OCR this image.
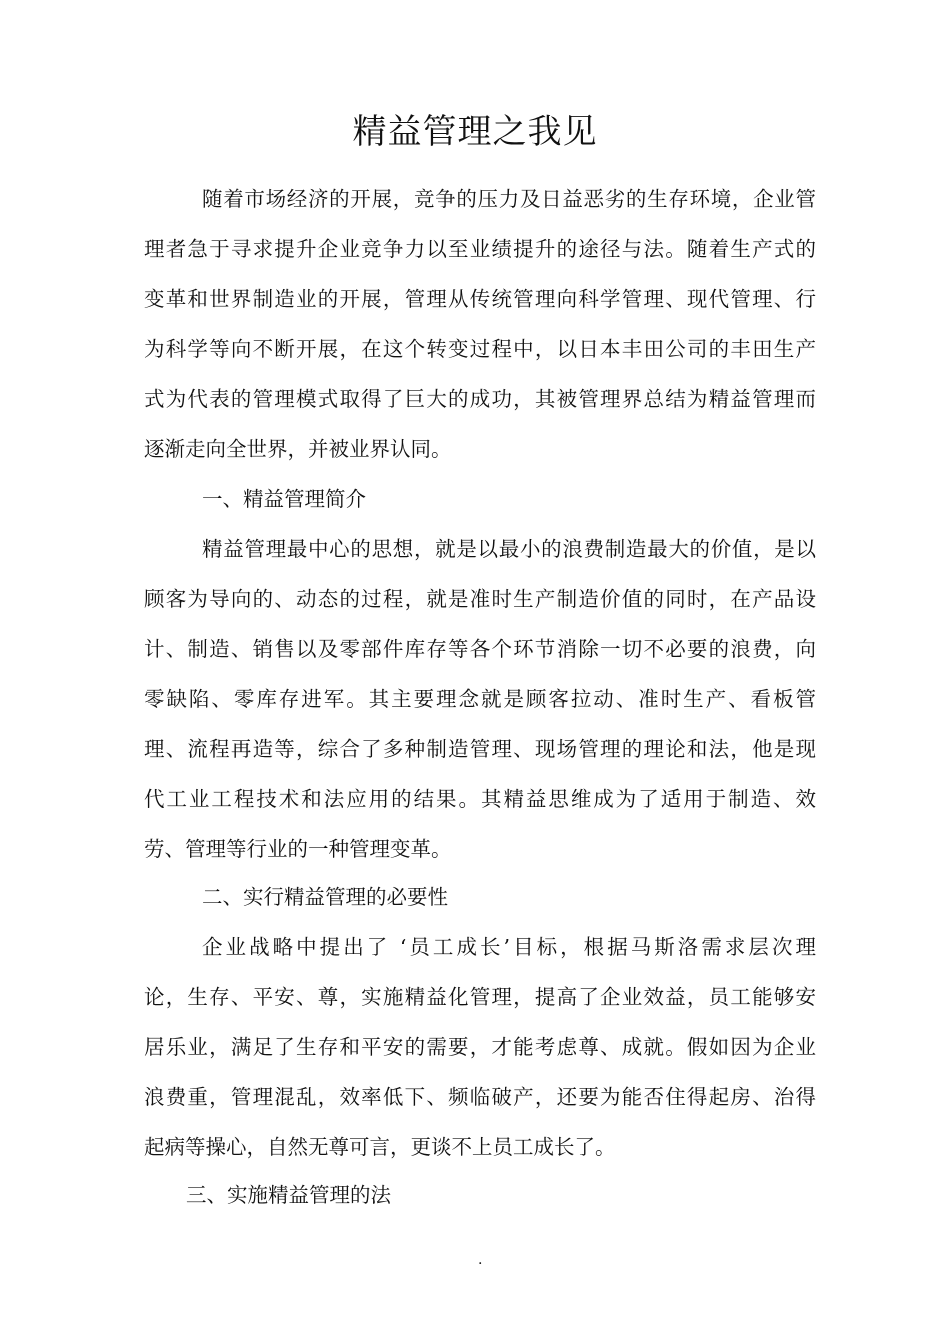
精益管理之我见
随着市场经济的开展，竞争的压力及日益恶劣的生存环境，企业管
理者急于寻求提升企业竞争力以至业绩提升的途径与法。随着生产式的
变革和世界制造业的开展，管理从传统管理向科学管理、现代管理、行
为科学等向不断开展，在这个转变过程中，以日本丰田公司的丰田生产
式为代表的管理模式取得了巨大的成功，其被管理界总结为精益管理而
逐渐走向全世界，并被业界认同。
一、精益管理简介
精益管理最中心的思想，就是以最小的浪费制造最大的价值，是以
顾客为导向的、动态的过程，就是准时生产制造价值的同时，在产品设
计、制造、销售以及零部件库存等各个环节消除一切不必要的浪费，向
零缺陷、零库存进军。其主要理念就是顾客拉动、准时生产、看板管
理、流程再造等，综合了多种制造管理、现场管理的理论和法，他是现
代工业工程技术和法应用的结果。其精益思维成为了适用于制造、效
劳、管理等行业的一种管理变革。
二、实行精益管理的必要性
企业战略中提出了 ‘员工成长’目标，根据马斯洛需求层次理
论，生存、平安、尊，实施精益化管理，提高了企业效益，员工能够安
居乐业，满足了生存和平安的需要，才能考虑尊、成就。假如因为企业
浪费重，管理混乱，效率低下、频临破产，还要为能否住得起房、治得
起病等操心，自然无尊可言，更谈不上员工成长了。
三、实施精益管理的法
.
